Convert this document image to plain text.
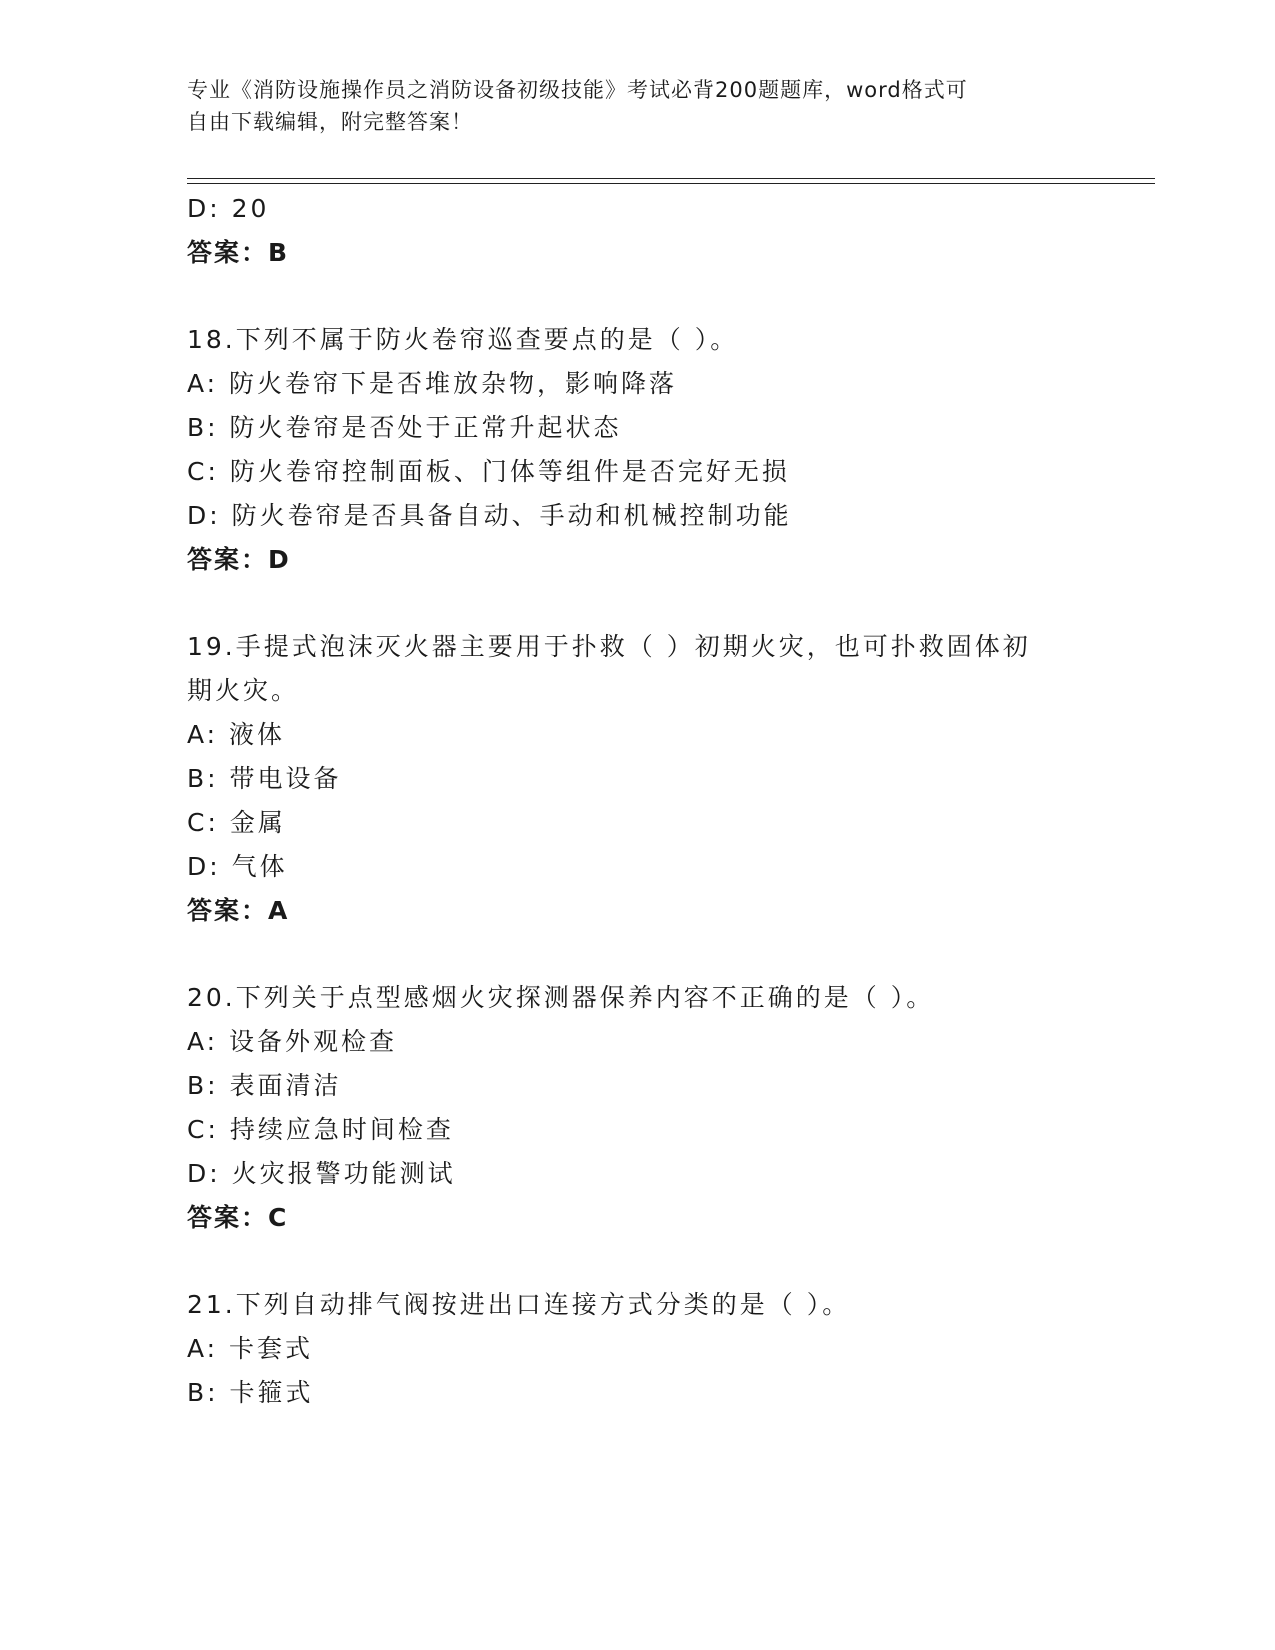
专业《消防设施操作员之消防设备初级技能》考试必背200题题库，word格式可
自由下载编辑，附完整答案！
D: 20
答案：B
18.下列不属于防火卷帘巡查要点的是（ ）。
A: 防火卷帘下是否堆放杂物，影响降落
B: 防火卷帘是否处于正常升起状态
C: 防火卷帘控制面板、门体等组件是否完好无损
D: 防火卷帘是否具备自动、手动和机械控制功能
答案：D
19.手提式泡沫灭火器主要用于扑救（ ）初期火灾，也可扑救固体初
期火灾。
A: 液体
B: 带电设备
C: 金属
D: 气体
答案：A
20.下列关于点型感烟火灾探测器保养内容不正确的是（ ）。
A: 设备外观检查
B: 表面清洁
C: 持续应急时间检查
D: 火灾报警功能测试
答案：C
21.下列自动排气阀按进出口连接方式分类的是（ ）。
A: 卡套式
B: 卡箍式
